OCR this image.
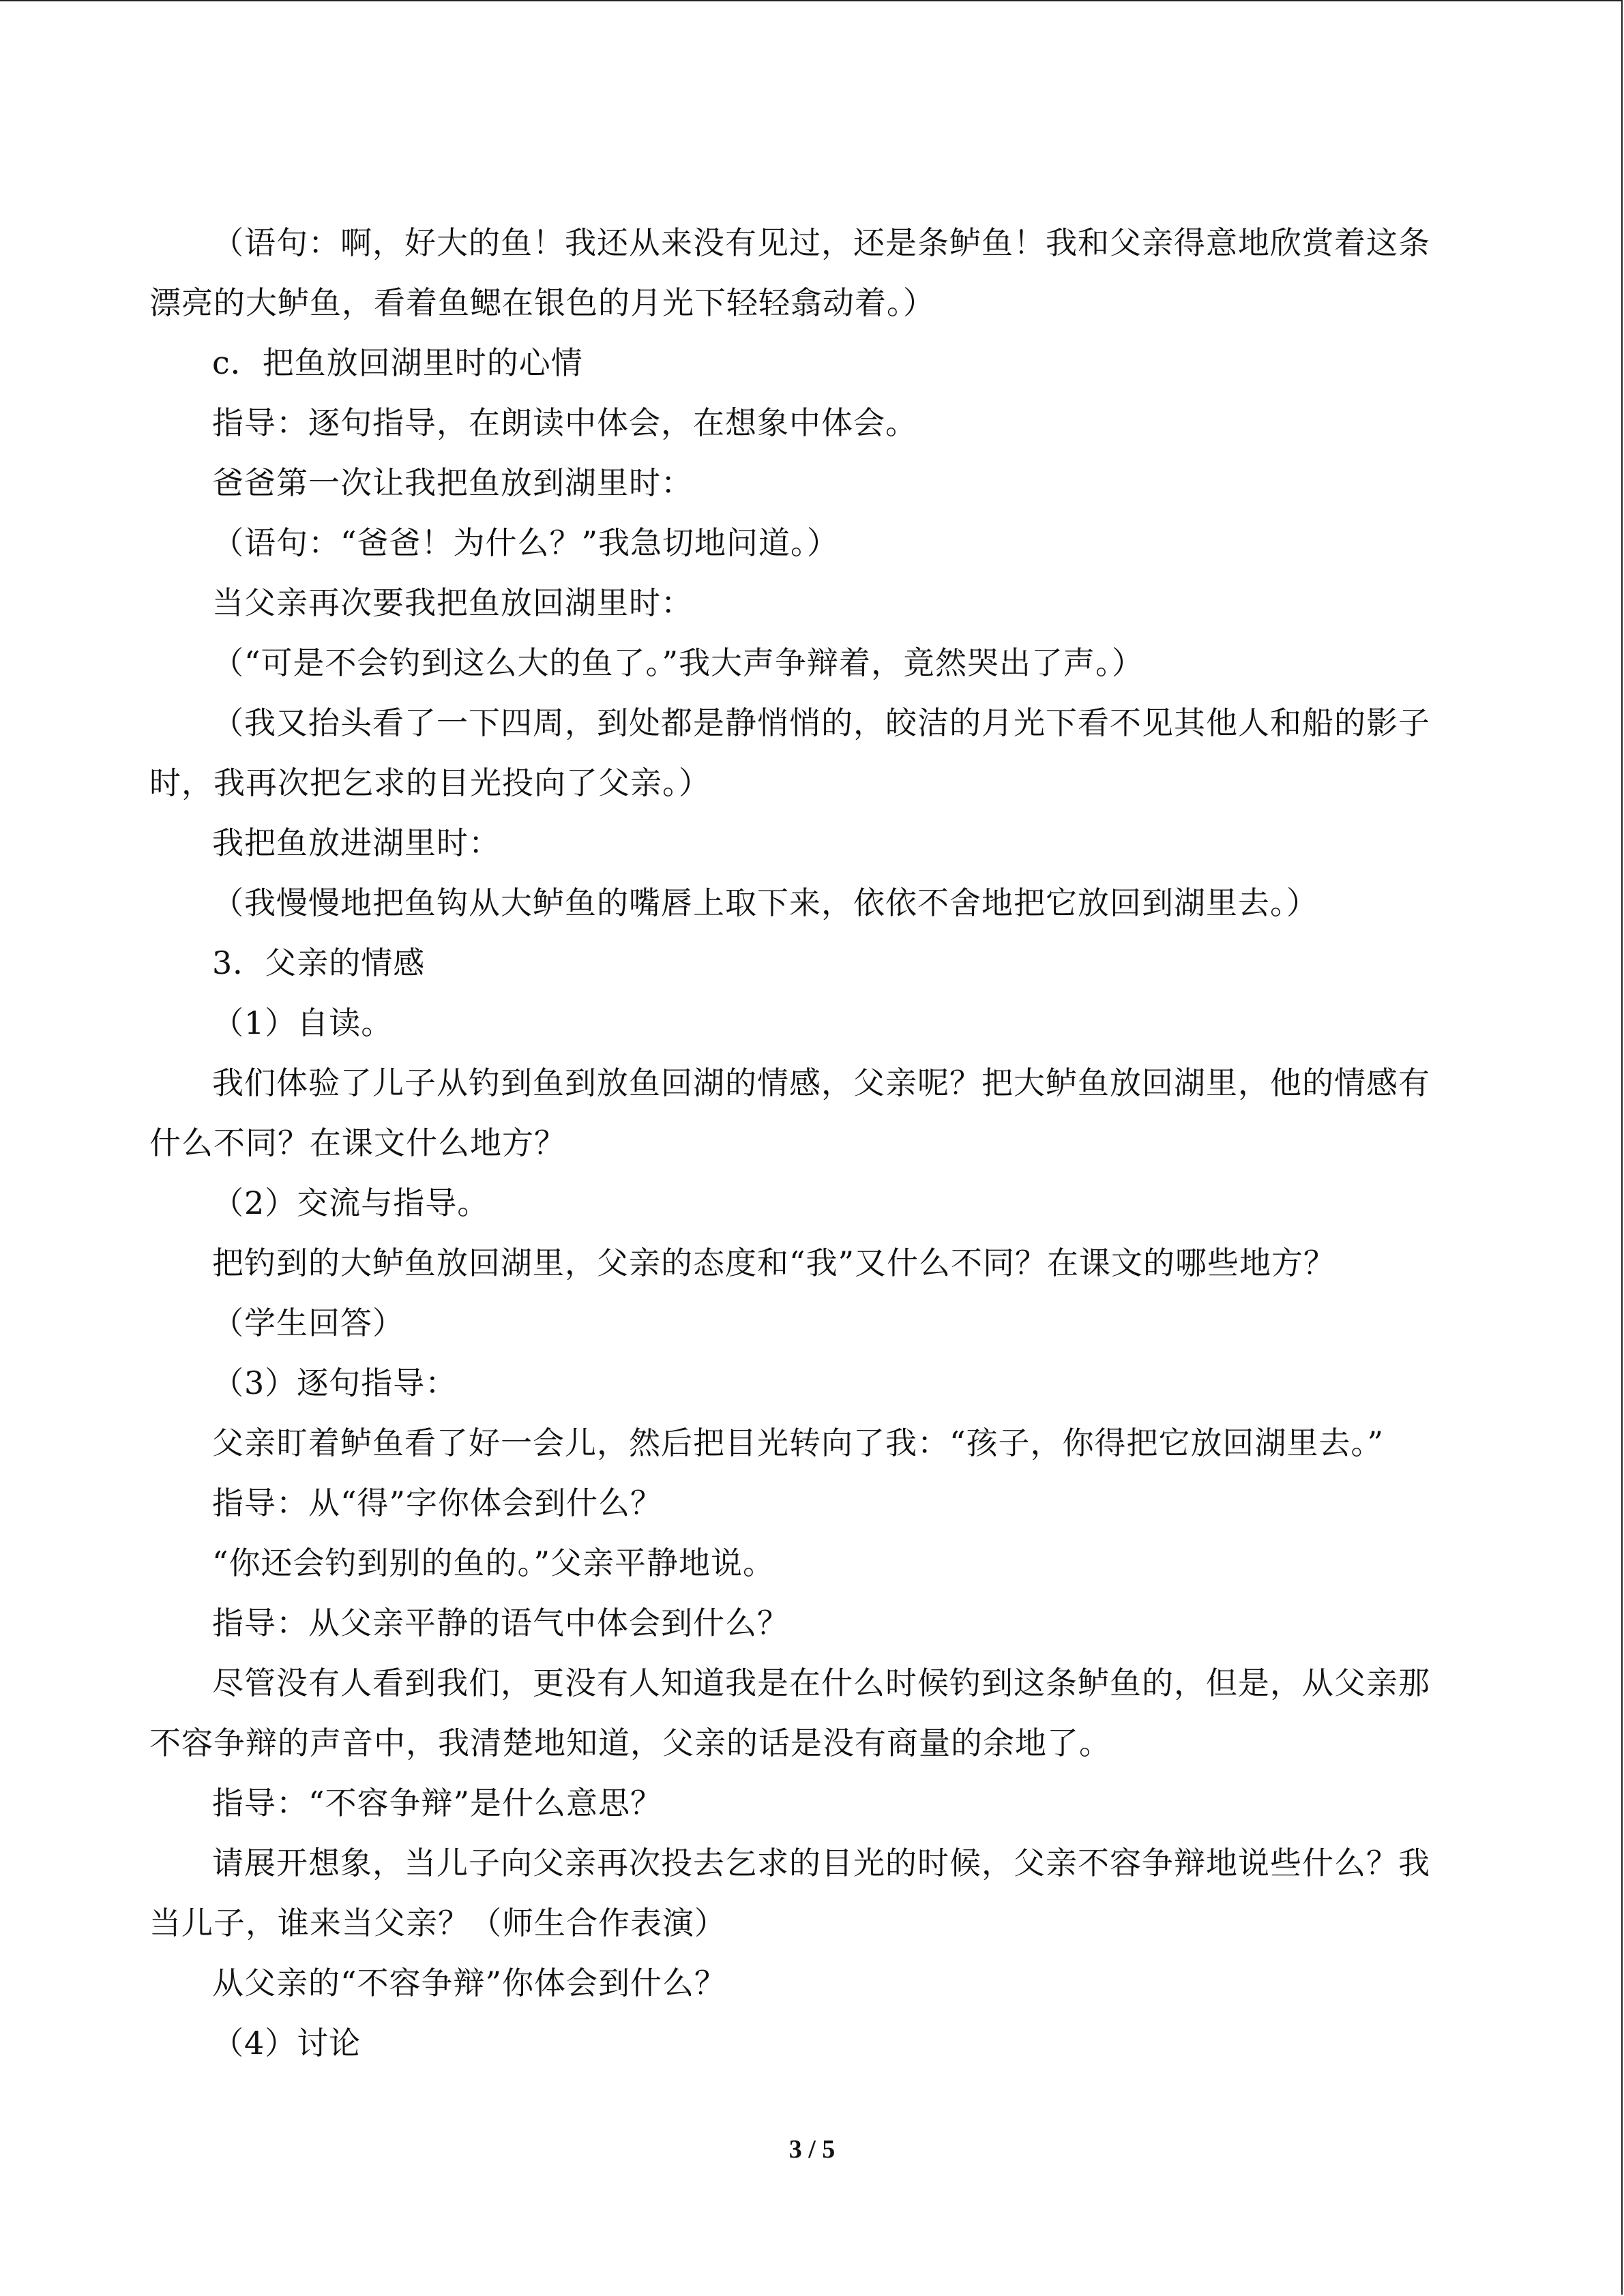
（语句：啊，好大的鱼！我还从来没有见过，还是条鲈鱼！我和父亲得意地欣赏着这条漂亮的大鲈鱼，看着鱼鳃在银色的月光下轻轻翕动着。）

c．把鱼放回湖里时的心情

指导：逐句指导，在朗读中体会，在想象中体会。

爸爸第一次让我把鱼放到湖里时：

（语句：“爸爸！为什么？”我急切地问道。）

当父亲再次要我把鱼放回湖里时：

（“可是不会钓到这么大的鱼了。”我大声争辩着，竟然哭出了声。）

（我又抬头看了一下四周，到处都是静悄悄的，皎洁的月光下看不见其他人和船的影子时，我再次把乞求的目光投向了父亲。）

我把鱼放进湖里时：

（我慢慢地把鱼钩从大鲈鱼的嘴唇上取下来，依依不舍地把它放回到湖里去。）

3．父亲的情感

（1）自读。

我们体验了儿子从钓到鱼到放鱼回湖的情感，父亲呢？把大鲈鱼放回湖里，他的情感有什么不同？在课文什么地方？

（2）交流与指导。

把钓到的大鲈鱼放回湖里，父亲的态度和“我”又什么不同？在课文的哪些地方？

（学生回答）

（3）逐句指导：

父亲盯着鲈鱼看了好一会儿，然后把目光转向了我：“孩子，你得把它放回湖里去。”

指导：从“得”字你体会到什么？

“你还会钓到别的鱼的。”父亲平静地说。

指导：从父亲平静的语气中体会到什么？

尽管没有人看到我们，更没有人知道我是在什么时候钓到这条鲈鱼的，但是，从父亲那不容争辩的声音中，我清楚地知道，父亲的话是没有商量的余地了。

指导：“不容争辩”是什么意思？

请展开想象，当儿子向父亲再次投去乞求的目光的时候，父亲不容争辩地说些什么？我当儿子，谁来当父亲？（师生合作表演）

从父亲的“不容争辩”你体会到什么？

（4）讨论

3 / 5
